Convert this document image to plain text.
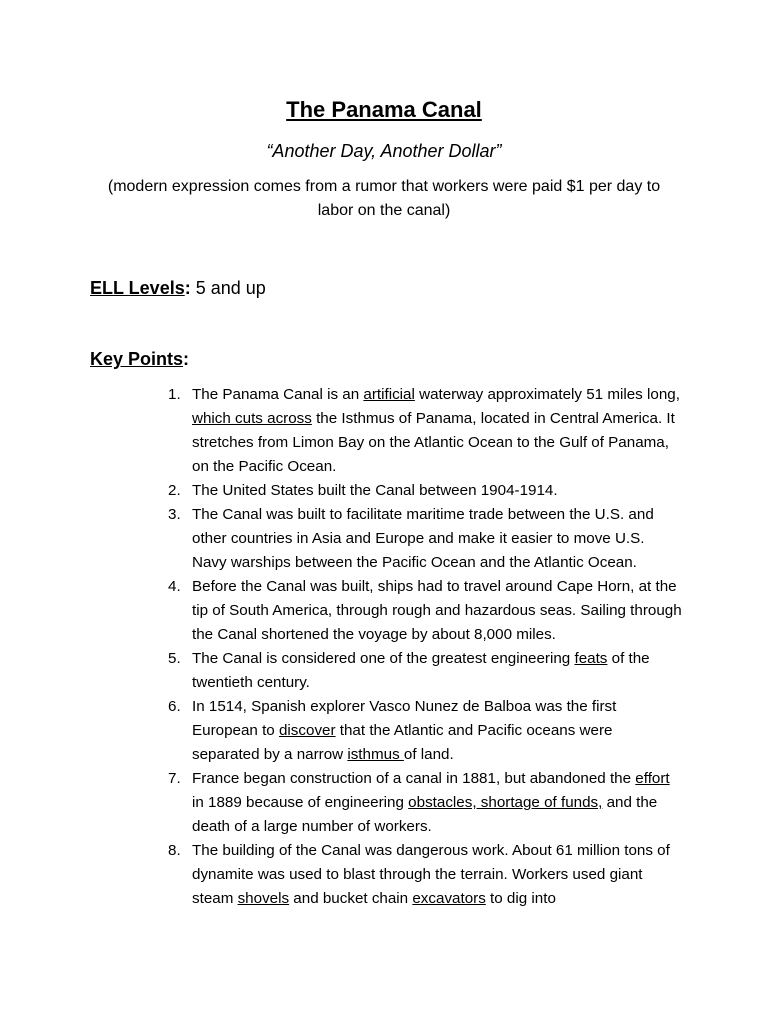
The Panama Canal
“Another Day, Another Dollar”
(modern expression comes from a rumor that workers were paid $1 per day to labor on the canal)
ELL Levels: 5 and up
Key Points:
1. The Panama Canal is an artificial waterway approximately 51 miles long, which cuts across the Isthmus of Panama, located in Central America. It stretches from Limon Bay on the Atlantic Ocean to the Gulf of Panama, on the Pacific Ocean.
2. The United States built the Canal between 1904-1914.
3. The Canal was built to facilitate maritime trade between the U.S. and other countries in Asia and Europe and make it easier to move U.S. Navy warships between the Pacific Ocean and the Atlantic Ocean.
4. Before the Canal was built, ships had to travel around Cape Horn, at the tip of South America, through rough and hazardous seas. Sailing through the Canal shortened the voyage by about 8,000 miles.
5. The Canal is considered one of the greatest engineering feats of the twentieth century.
6. In 1514, Spanish explorer Vasco Nunez de Balboa was the first European to discover that the Atlantic and Pacific oceans were separated by a narrow isthmus of land.
7. France began construction of a canal in 1881, but abandoned the effort in 1889 because of engineering obstacles, shortage of funds, and the death of a large number of workers.
8. The building of the Canal was dangerous work. About 61 million tons of dynamite was used to blast through the terrain. Workers used giant steam shovels and bucket chain excavators to dig into
